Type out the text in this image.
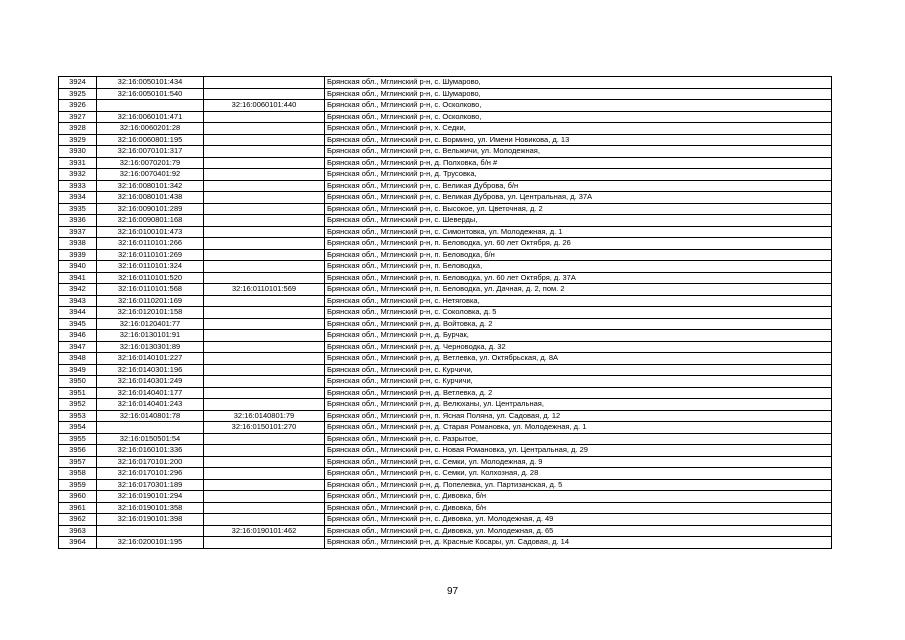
3924	32:16:0050101:434		Брянская обл., Мглинский р-н, с. Шумарово,
3925	32:16:0050101:540		Брянская обл., Мглинский р-н, с. Шумарово,
3926		32:16:0060101:440	Брянская обл., Мглинский р-н, с. Осколково,
3927	32:16:0060101:471		Брянская обл., Мглинский р-н, с. Осколково,
3928	32:16:0060201:28		Брянская обл., Мглинский р-н, х. Седки,
3929	32:16:0060801:195		Брянская обл., Мглинский р-н, с. Вормино, ул. Имени Новикова, д. 13
3930	32:16:0070101:317		Брянская обл., Мглинский р-н, с. Вельжичи, ул. Молодежная,
3931	32:16:0070201:79		Брянская обл., Мглинский р-н, д. Полховка, б/н #
3932	32:16:0070401:92		Брянская обл., Мглинский р-н, д. Трусовка,
3933	32:16:0080101:342		Брянская обл., Мглинский р-н, с. Великая Дуброва, б/н
3934	32:16:0080101:438		Брянская обл., Мглинский р-н, с. Великая Дуброва, ул. Центральная, д. 37А
3935	32:16:0090101:289		Брянская обл., Мглинский р-н, с. Высокое, ул. Цветочная, д. 2
3936	32:16:0090801:168		Брянская обл., Мглинский р-н, с. Шеверды,
3937	32:16:0100101:473		Брянская обл., Мглинский р-н, с. Симонтовка, ул. Молодежная, д. 1
3938	32:16:0110101:266		Брянская обл., Мглинский р-н, п. Беловодка, ул. 60 лет Октября, д. 26
3939	32:16:0110101:269		Брянская обл., Мглинский р-н, п. Беловодка, б/н
3940	32:16:0110101:324		Брянская обл., Мглинский р-н, п. Беловодка,
3941	32:16:0110101:520		Брянская обл., Мглинский р-н, п. Беловодка, ул. 60 лет Октября, д. 37А
3942	32:16:0110101:568	32:16:0110101:569	Брянская обл., Мглинский р-н, п. Беловодка, ул. Дачная, д. 2, пом. 2
3943	32:16:0110201:169		Брянская обл., Мглинский р-н, с. Нетяговка,
3944	32:16:0120101:158		Брянская обл., Мглинский р-н, с. Соколовка, д. 5
3945	32:16:0120401:77		Брянская обл., Мглинский р-н, д. Войтовка, д. 2
3946	32:16:0130101:91		Брянская обл., Мглинский р-н, д. Бурчак,
3947	32:16:0130301:89		Брянская обл., Мглинский р-н, д. Черноводка, д. 32
3948	32:16:0140101:227		Брянская обл., Мглинский р-н, д. Ветлевка, ул. Октябрьская, д. 8А
3949	32:16:0140301:196		Брянская обл., Мглинский р-н, с. Курчичи,
3950	32:16:0140301:249		Брянская обл., Мглинский р-н, с. Курчичи,
3951	32:16:0140401:177		Брянская обл., Мглинский р-н, д. Ветлевка, д. 2
3952	32:16:0140401:243		Брянская обл., Мглинский р-н, д. Велюханы, ул. Центральная,
3953	32:16:0140801:78	32:16:0140801:79	Брянская обл., Мглинский р-н, п. Ясная Поляна, ул. Садовая, д. 12
3954		32:16:0150101:270	Брянская обл., Мглинский р-н, д. Старая Романовка, ул. Молодежная, д. 1
3955	32:16:0150501:54		Брянская обл., Мглинский р-н, с. Разрытое,
3956	32:16:0160101:336		Брянская обл., Мглинский р-н, с. Новая Романовка, ул. Центральная, д. 29
3957	32:16:0170101:200		Брянская обл., Мглинский р-н, с. Семки, ул. Молодежная, д. 9
3958	32:16:0170101:296		Брянская обл., Мглинский р-н, с. Семки, ул. Колхозная, д. 28
3959	32:16:0170301:189		Брянская обл., Мглинский р-н, д. Попелевка, ул. Партизанская, д. 5
3960	32:16:0190101:294		Брянская обл., Мглинский р-н, с. Дивовка, б/н
3961	32:16:0190101:358		Брянская обл., Мглинский р-н, с. Дивовка, б/н
3962	32:16:0190101:398		Брянская обл., Мглинский р-н, с. Дивовка, ул. Молодежная, д. 49
3963		32:16:0190101:462	Брянская обл., Мглинский р-н, с. Дивовка, ул. Молодежная, д. 65
3964	32:16:0200101:195		Брянская обл., Мглинский р-н, д. Красные Косары, ул. Садовая, д. 14
97
